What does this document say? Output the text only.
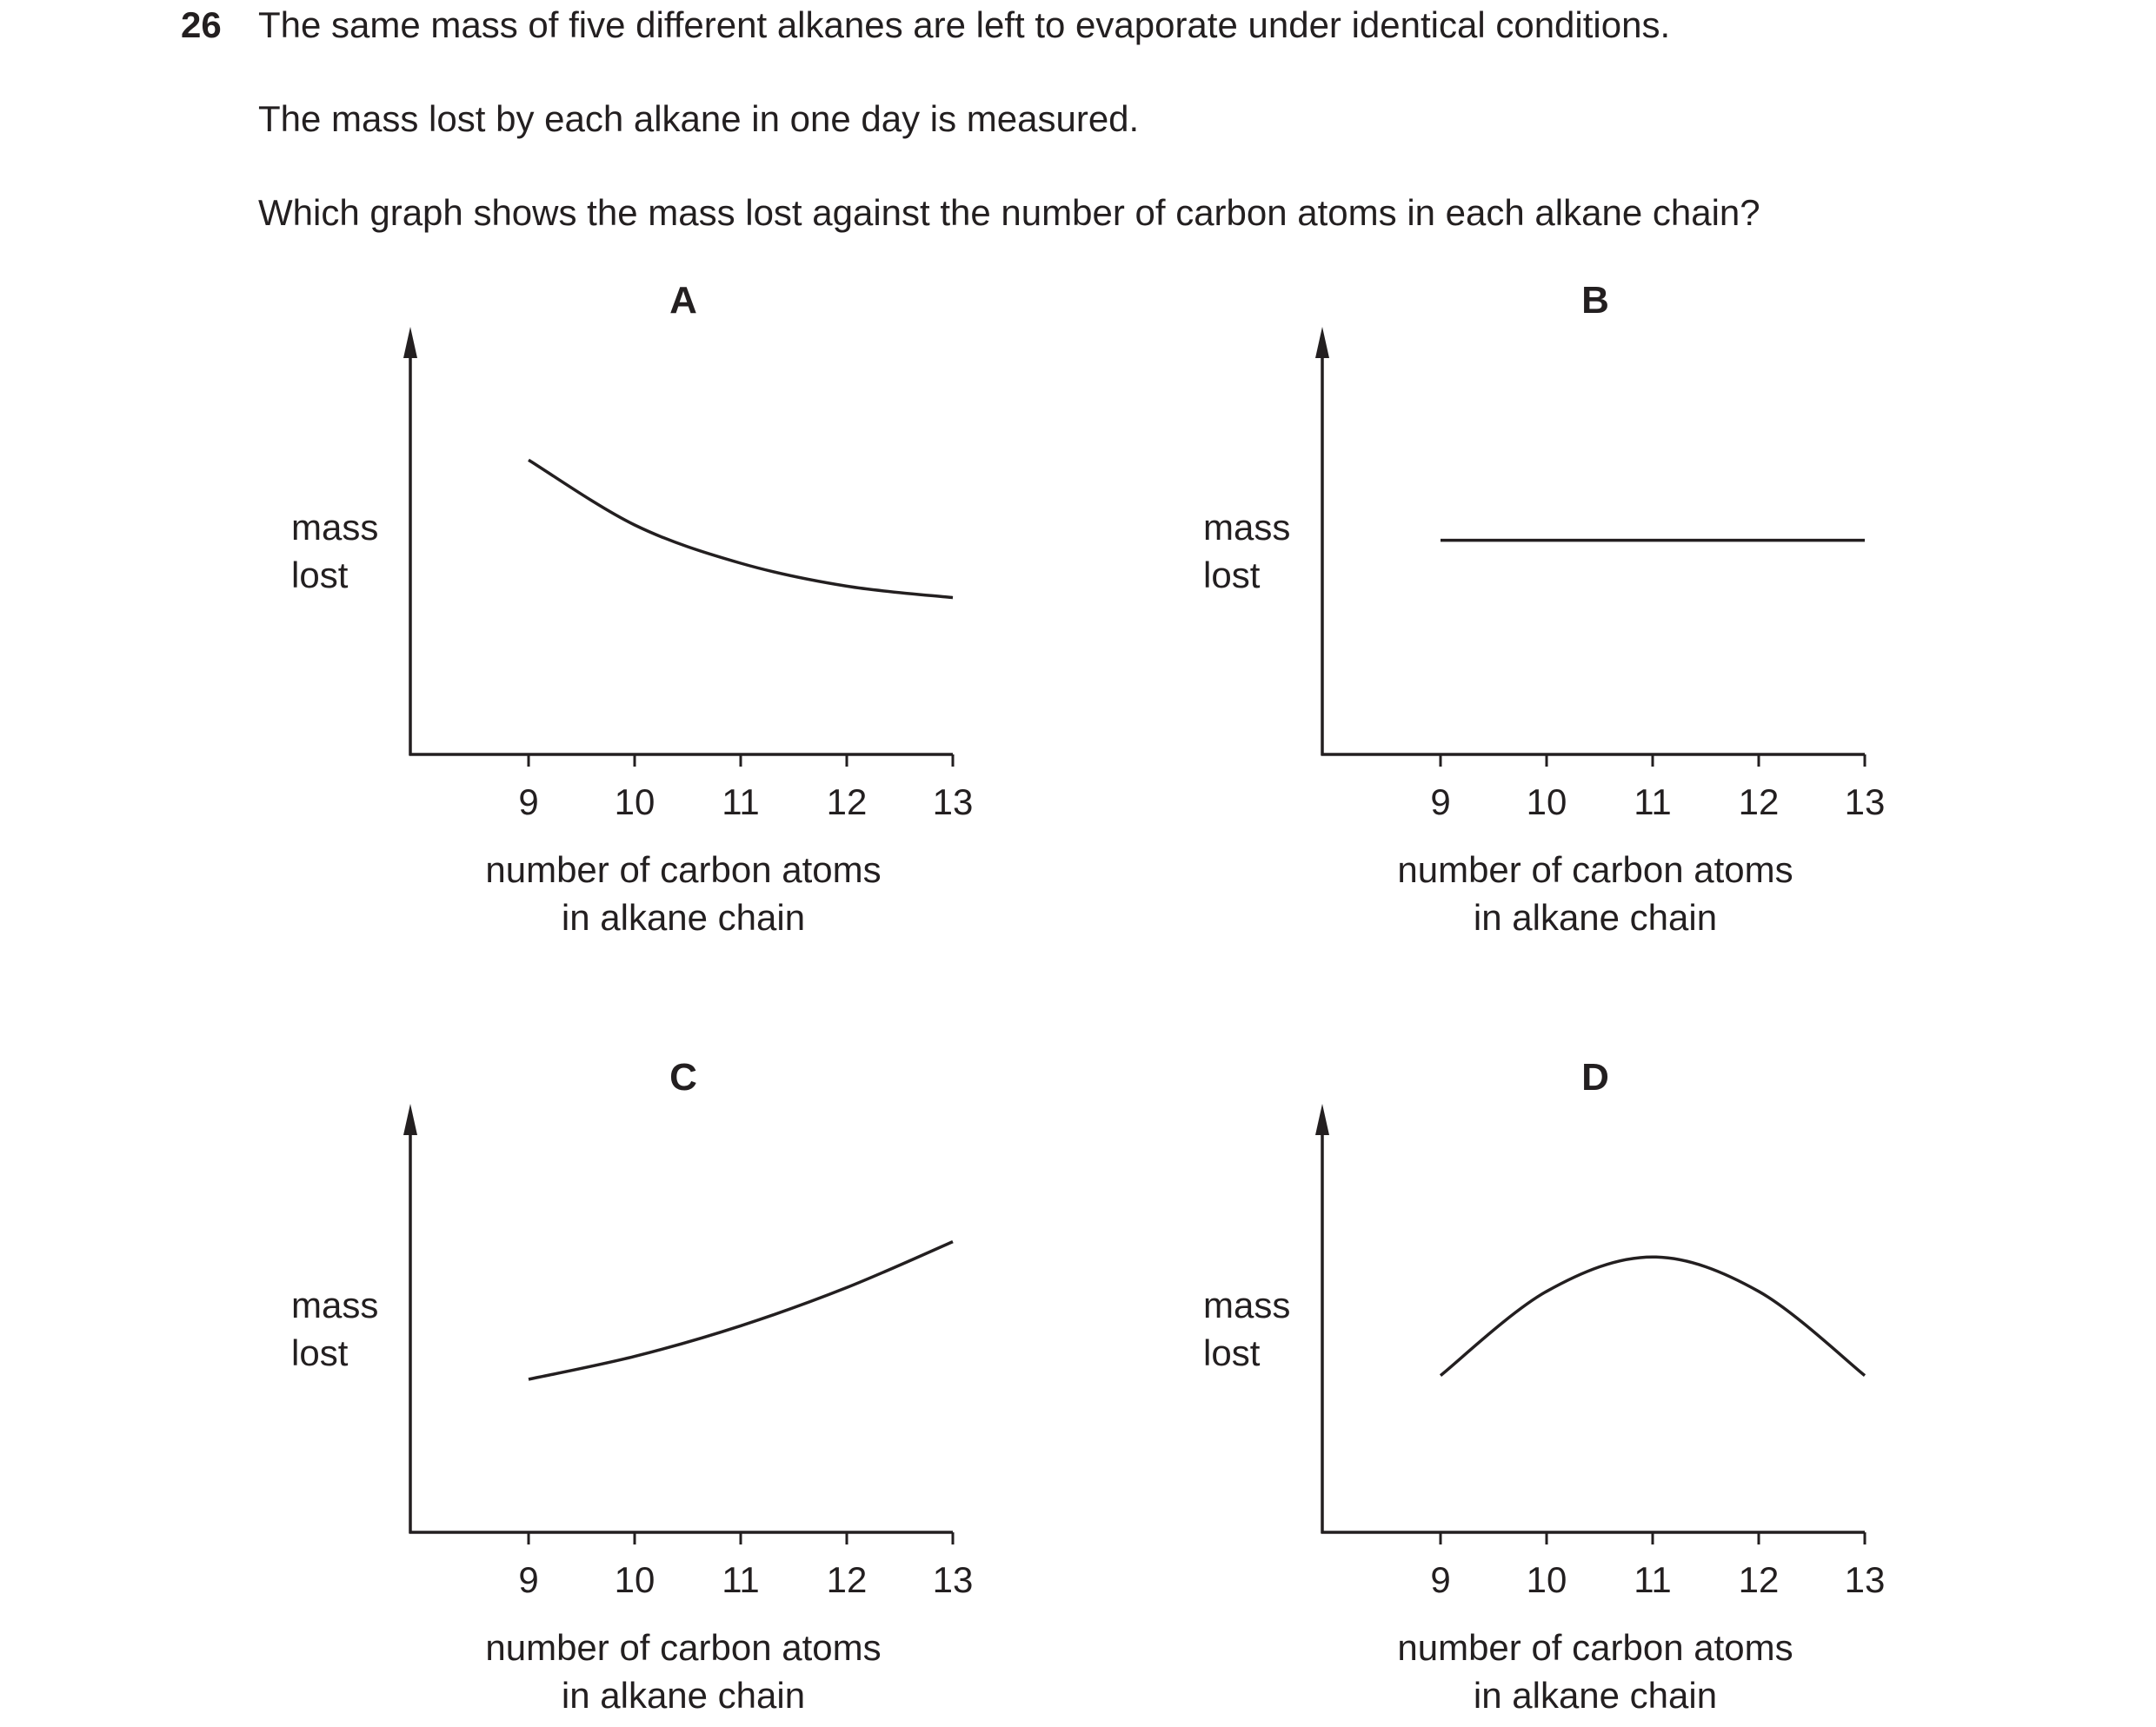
26 The same mass of five different alkanes are left to evaporate under identical conditions.
The mass lost by each alkane in one day is measured.
Which graph shows the mass lost against the number of carbon atoms in each alkane chain?
A
9 10 11 12 13
mass
lost
number of carbon atoms
in alkane chain
B
9 10 11 12 13
mass
lost
number of carbon atoms
in alkane chain
C
9 10 11 12 13
mass
lost
number of carbon atoms
in alkane chain
D
9 10 11 12 13
mass
lost
number of carbon atoms
in alkane chain
